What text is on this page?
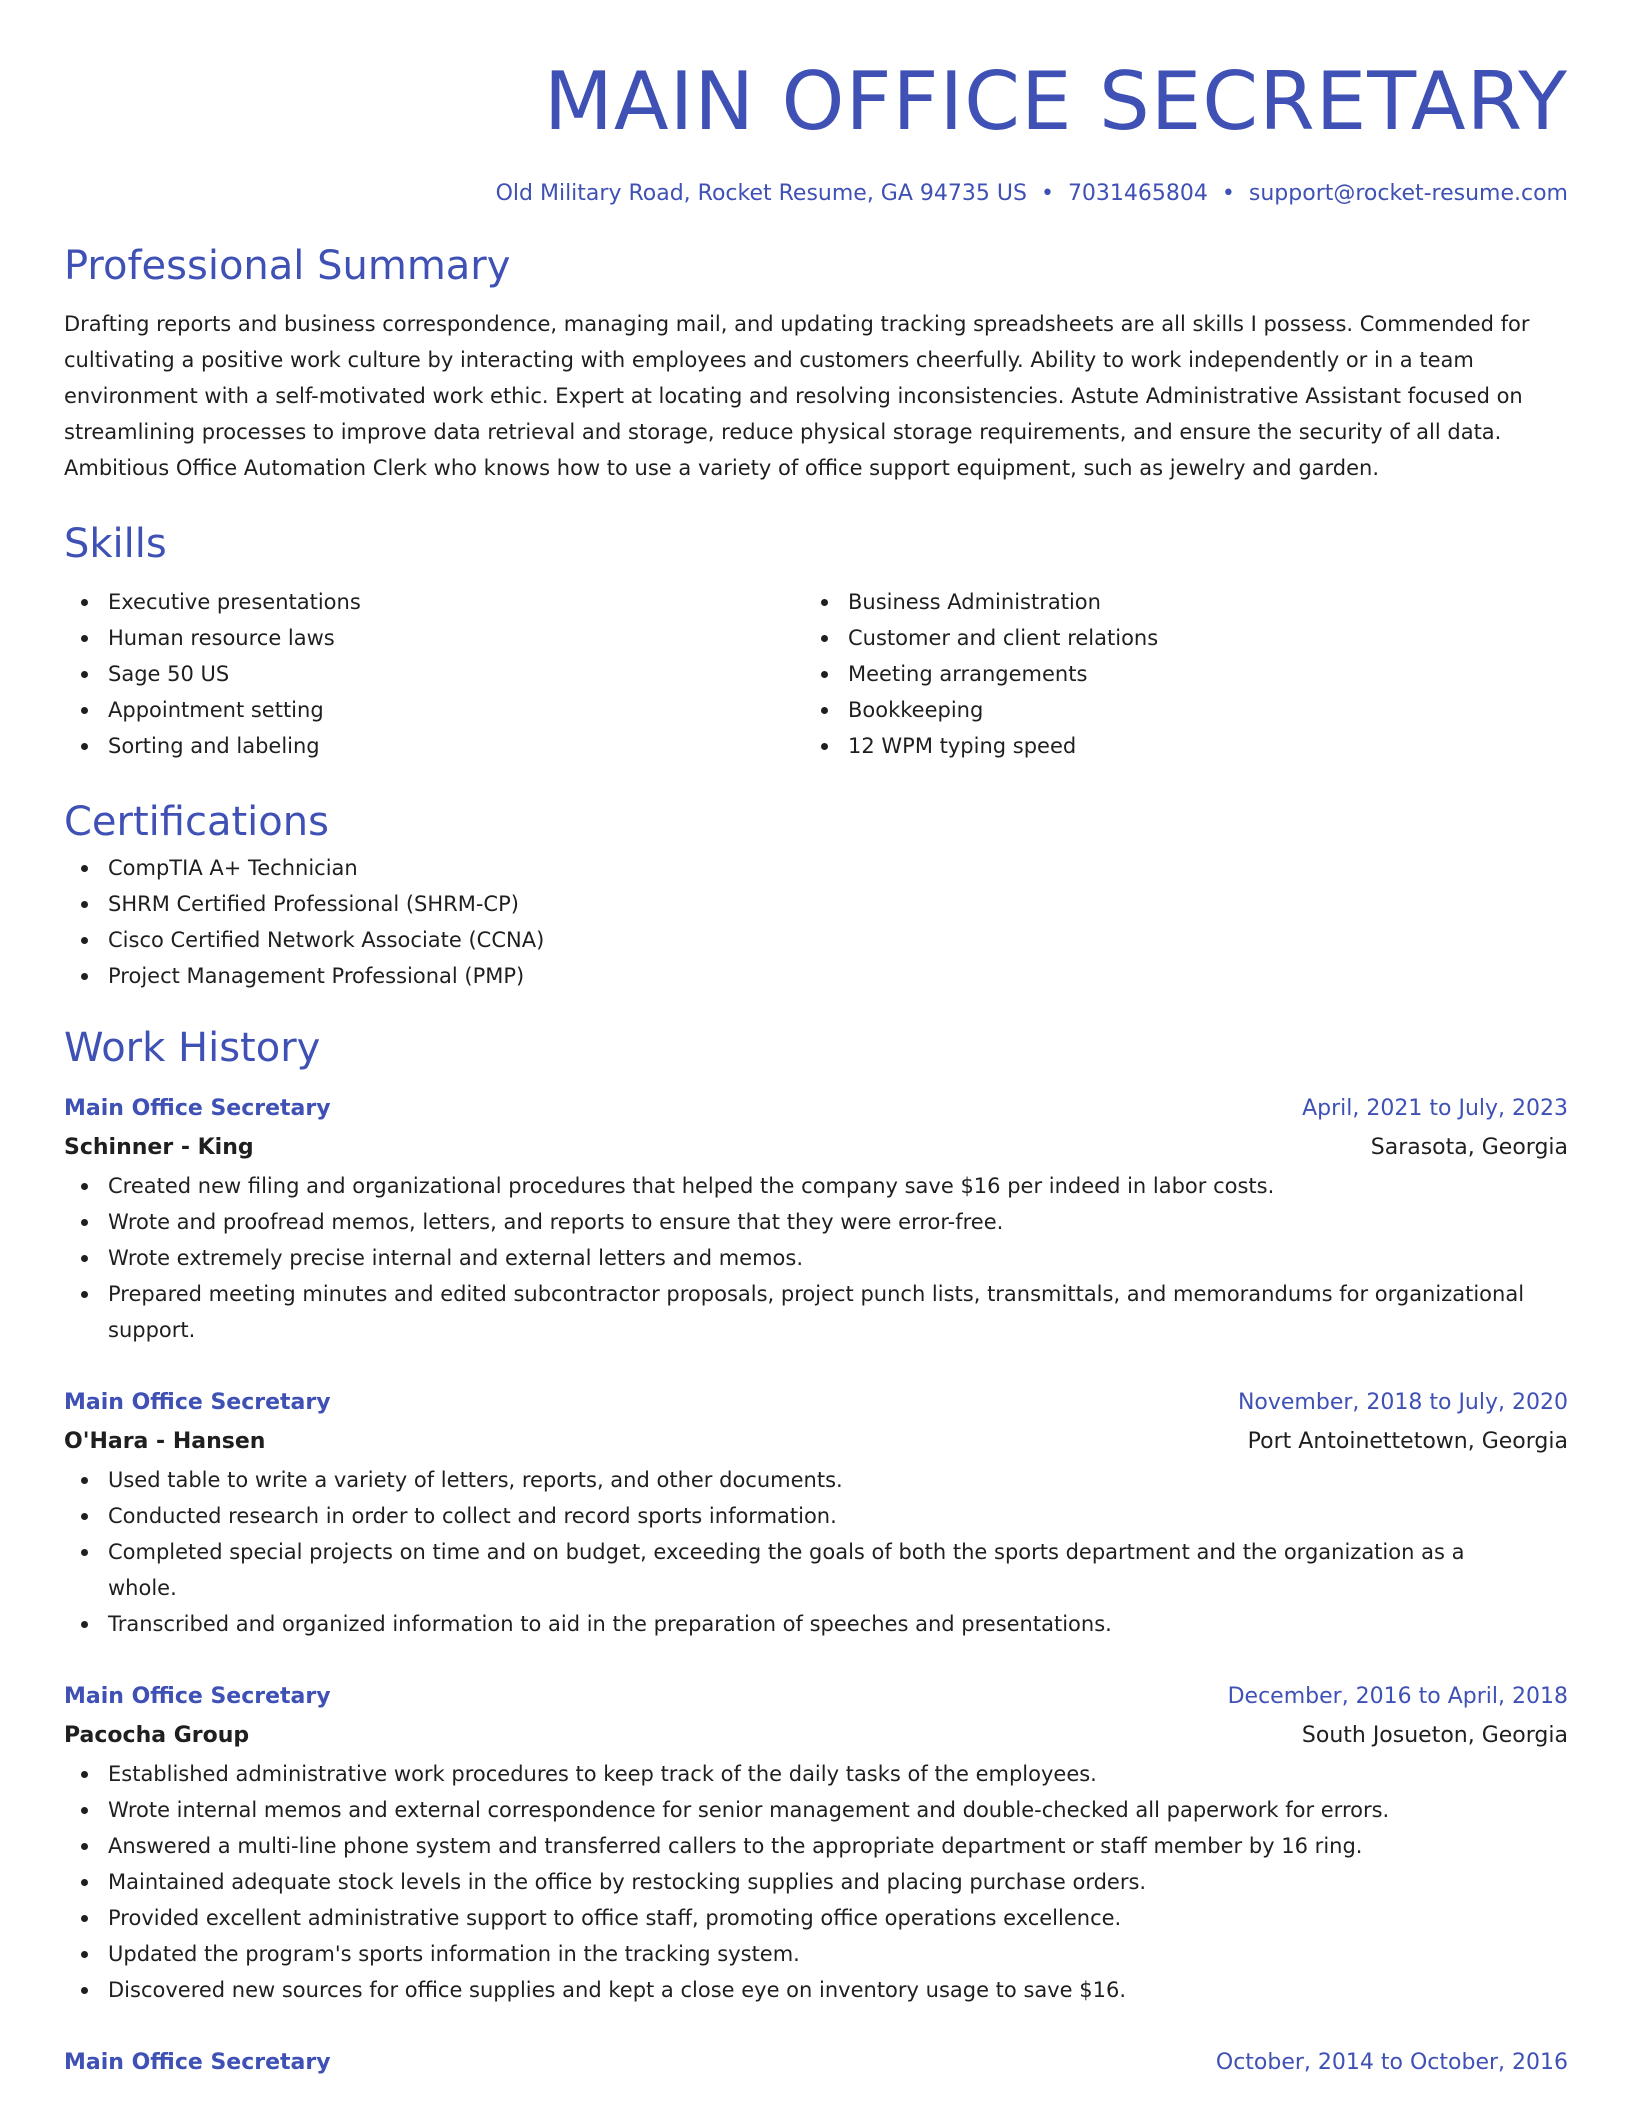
MAIN OFFICE SECRETARY
Old Military Road, Rocket Resume, GA 94735 US • 7031465804 • support@rocket-resume.com
Professional Summary
Drafting reports and business correspondence, managing mail, and updating tracking spreadsheets are all skills I possess. Commended for cultivating a positive work culture by interacting with employees and customers cheerfully. Ability to work independently or in a team environment with a self-motivated work ethic. Expert at locating and resolving inconsistencies. Astute Administrative Assistant focused on streamlining processes to improve data retrieval and storage, reduce physical storage requirements, and ensure the security of all data. Ambitious Office Automation Clerk who knows how to use a variety of office support equipment, such as jewelry and garden.
Skills
Executive presentations
Human resource laws
Sage 50 US
Appointment setting
Sorting and labeling
Business Administration
Customer and client relations
Meeting arrangements
Bookkeeping
12 WPM typing speed
Certifications
CompTIA A+ Technician
SHRM Certified Professional (SHRM-CP)
Cisco Certified Network Associate (CCNA)
Project Management Professional (PMP)
Work History
Main Office Secretary	April, 2021 to July, 2023
Schinner - King	Sarasota, Georgia
Created new filing and organizational procedures that helped the company save $16 per indeed in labor costs.
Wrote and proofread memos, letters, and reports to ensure that they were error-free.
Wrote extremely precise internal and external letters and memos.
Prepared meeting minutes and edited subcontractor proposals, project punch lists, transmittals, and memorandums for organizational support.
Main Office Secretary	November, 2018 to July, 2020
O'Hara - Hansen	Port Antoinettetown, Georgia
Used table to write a variety of letters, reports, and other documents.
Conducted research in order to collect and record sports information.
Completed special projects on time and on budget, exceeding the goals of both the sports department and the organization as a whole.
Transcribed and organized information to aid in the preparation of speeches and presentations.
Main Office Secretary	December, 2016 to April, 2018
Pacocha Group	South Josueton, Georgia
Established administrative work procedures to keep track of the daily tasks of the employees.
Wrote internal memos and external correspondence for senior management and double-checked all paperwork for errors.
Answered a multi-line phone system and transferred callers to the appropriate department or staff member by 16 ring.
Maintained adequate stock levels in the office by restocking supplies and placing purchase orders.
Provided excellent administrative support to office staff, promoting office operations excellence.
Updated the program's sports information in the tracking system.
Discovered new sources for office supplies and kept a close eye on inventory usage to save $16.
Main Office Secretary	October, 2014 to October, 2016
